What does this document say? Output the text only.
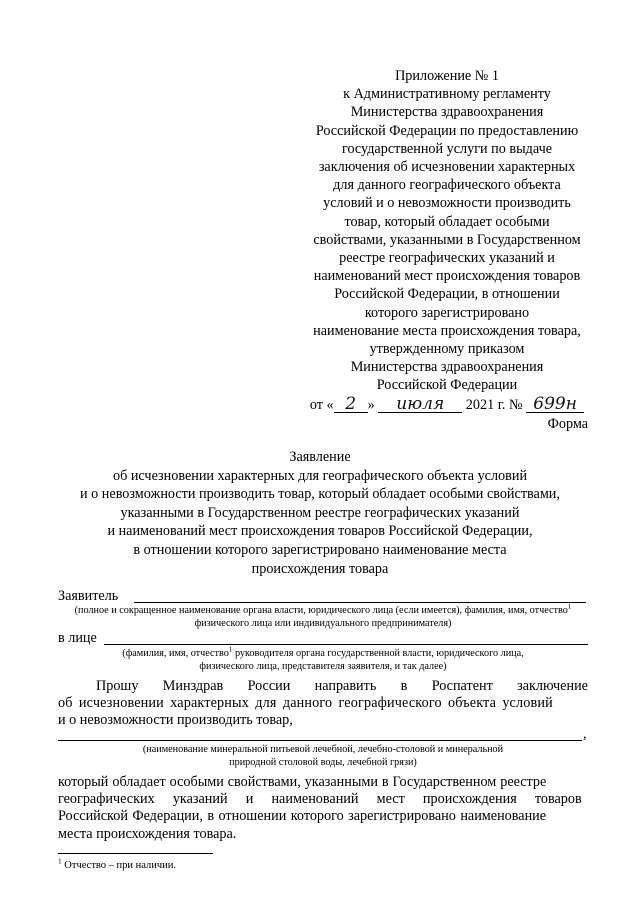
Приложение № 1
к Административному регламенту
Министерства здравоохранения
Российской Федерации по предоставлению
государственной услуги по выдаче
заключения об исчезновении характерных
для данного географического объекта
условий и о невозможности производить
товар, который обладает особыми
свойствами, указанными в Государственном
реестре географических указаний и
наименований мест происхождения товаров
Российской Федерации, в отношении
которого зарегистрировано
наименование места происхождения товара,
утвержденному приказом
Министерства здравоохранения
Российской Федерации
от « 2 » июля 2021 г. № 699н
Форма
Заявление
об исчезновении характерных для географического объекта условий
и о невозможности производить товар, который обладает особыми свойствами,
указанными в Государственном реестре географических указаний
и наименований мест происхождения товаров Российской Федерации,
в отношении которого зарегистрировано наименование места
происхождения товара
Заявитель
(полное и сокращенное наименование органа власти, юридического лица (если имеется), фамилия, имя, отчество$^1$
физического лица или индивидуального предпринимателя)
в лице
(фамилия, имя, отчество$^1$ руководителя органа государственной власти, юридического лица,
физического лица, представителя заявителя, и так далее)
Прошу Минздрав России направить в Роспатент заключение
об исчезновении характерных для данного географического объекта условий
и о невозможности производить товар,
,
(наименование минеральной питьевой лечебной, лечебно-столовой и минеральной
природной столовой воды, лечебной грязи)
который обладает особыми свойствами, указанными в Государственном реестре
географических указаний и наименований мест происхождения товаров
Российской Федерации, в отношении которого зарегистрировано наименование
места происхождения товара.
$^1$ Отчество – при наличии.
